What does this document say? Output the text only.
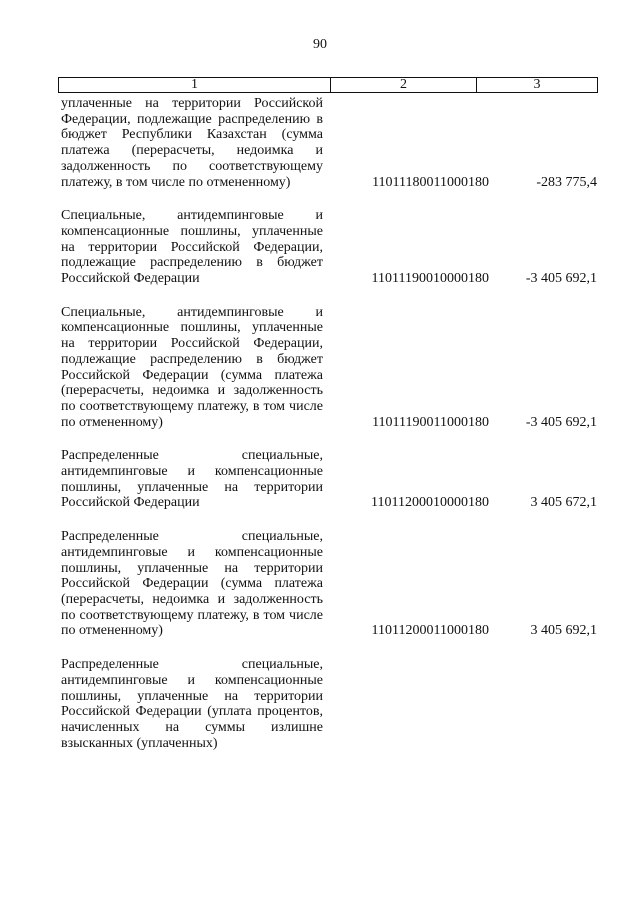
90
1	2	3
уплаченные на территории Российской Федерации, подлежащие распределению в бюджет Республики Казахстан (сумма платежа (перерасчеты, недоимка и задолженность по соответствующему платежу, в том числе по отмененному)	11011180011000180	-283 775,4
Специальные, антидемпинговые и компенсационные пошлины, уплаченные на территории Российской Федерации, подлежащие распределению в бюджет Российской Федерации	11011190010000180	-3 405 692,1
Специальные, антидемпинговые и компенсационные пошлины, уплаченные на территории Российской Федерации, подлежащие распределению в бюджет Российской Федерации (сумма платежа (перерасчеты, недоимка и задолженность по соответствующему платежу, в том числе по отмененному)	11011190011000180	-3 405 692,1
Распределенные специальные, антидемпинговые и компенсационные пошлины, уплаченные на территории Российской Федерации	11011200010000180	3 405 672,1
Распределенные специальные, антидемпинговые и компенсационные пошлины, уплаченные на территории Российской Федерации (сумма платежа (перерасчеты, недоимка и задолженность по соответствующему платежу, в том числе по отмененному)	11011200011000180	3 405 692,1
Распределенные специальные, антидемпинговые и компенсационные пошлины, уплаченные на территории Российской Федерации (уплата процентов, начисленных на суммы излишне взысканных (уплаченных)
